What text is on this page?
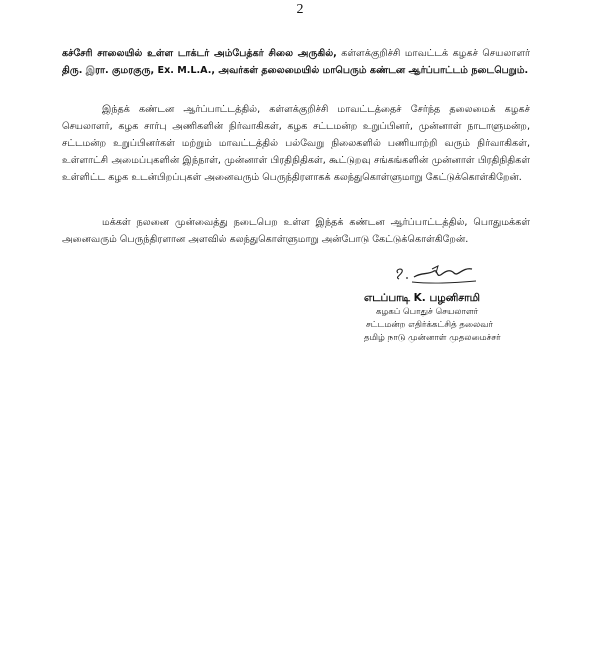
2

கச்சேரி சாலையில் உள்ள டாக்டர் அம்பேத்கர் சிலை அருகில், கள்ளக்குறிச்சி மாவட்டக் கழகச் செயலாளர் திரு. இரா. குமரகுரு, Ex. M.L.A., அவர்கள் தலைமையில் மாபெரும் கண்டன ஆர்ப்பாட்டம் நடைபெறும்.

இந்தக் கண்டன ஆர்ப்பாட்டத்தில், கள்ளக்குறிச்சி மாவட்டத்தைச் சேர்ந்த தலைமைக் கழகச் செயலாளர், கழக சார்பு அணிகளின் நிர்வாகிகள், கழக சட்டமன்ற உறுப்பினர், முன்னாள் நாடாளுமன்ற, சட்டமன்ற உறுப்பினர்கள் மற்றும் மாவட்டத்தில் பல்வேறு நிலைகளில் பணியாற்றி வரும் நிர்வாகிகள், உள்ளாட்சி அமைப்புகளின் இந்நாள், முன்னாள் பிரதிநிதிகள், கூட்டுறவு சங்கங்களின் முன்னாள் பிரதிநிதிகள் உள்ளிட்ட கழக உடன்பிறப்புகள் அனைவரும் பெருந்திரளாகக் கலந்துகொள்ளுமாறு கேட்டுக்கொள்கிறேன்.

மக்கள் நலனை முன்வைத்து நடைபெற உள்ள இந்தக் கண்டன ஆர்ப்பாட்டத்தில், பொதுமக்கள் அனைவரும் பெருந்திரளான அளவில் கலந்துகொள்ளுமாறு அன்போடு கேட்டுக்கொள்கிறேன்.

எடப்பாடி K. பழனிசாமி

கழகப் பொதுச் செயலாளர்

சட்டமன்ற எதிர்க்கட்சித் தலைவர்

தமிழ் நாடு முன்னாள் முதலமைச்சர்
